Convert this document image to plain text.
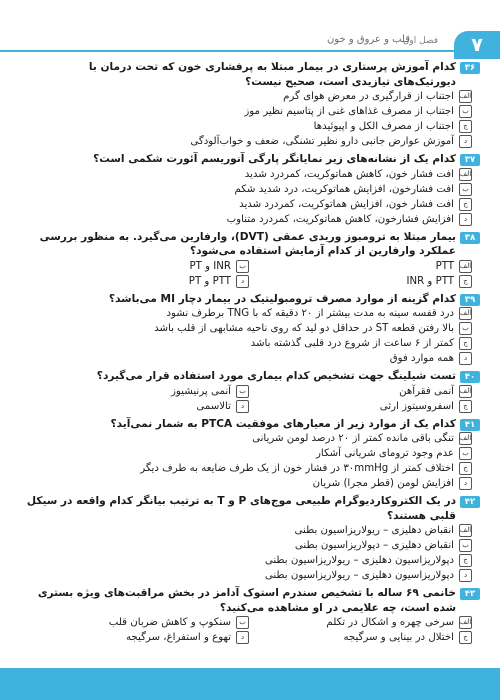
۷
فصل اول
قلب و عروق و خون
۳۶
کدام آموزش پرستاری در بیمار مبتلا به پرفشاری خون که تحت درمان با دیورتیک‌های تیازیدی است، صحیح نیست؟
الف
اجتناب از قرارگیری در معرض هوای گرم
ب
اجتناب از مصرف غذاهای غنی از پتاسیم نظیر موز
ج
اجتناب از مصرف الکل و اپیوئیدها
د
آموزش عوارض جانبی دارو نظیر تشنگی، ضعف و خواب‌آلودگی
۳۷
کدام یک از نشانه‌های زیر نمایانگر پارگی آنوریسم آئورت شکمی است؟
الف
افت فشار خون، کاهش هماتوکریت، کمردرد شدید
ب
افت فشارخون، افزایش هماتوکریت، درد شدید شکم
ج
افت فشار خون، افزایش هماتوکریت، کمردرد شدید
د
افزایش فشارخون، کاهش هماتوکریت، کمردرد متناوب
۳۸
بیمار مبتلا به ترومبوز وریدی عمقی (DVT)، وارفارین می‌گیرد. به منظور بررسی عملکرد وارفارین از کدام آزمایش استفاده می‌شود؟
الف
PTT
ب
INR و PT
ج
PTT و INR
د
PTT و PT
۳۹
کدام گزینه از موارد مصرف ترومبولیتیک در بیمار دچار MI می‌باشد؟
الف
درد قفسه سینه به مدت بیشتر از ۲۰ دقیقه که با TNG برطرف نشود
ب
بالا رفتن قطعه ST در حداقل دو لید که روی ناحیه مشابهی از قلب باشد
ج
کمتر از ۶ ساعت از شروع درد قلبی گذشته باشد
د
همه موارد فوق
۴۰
تست شیلینگ جهت تشخیص کدام بیماری مورد استفاده قرار می‌گیرد؟
الف
آنمی فقرآهن
ب
آنمی پرنیشیوز
ج
اسفروسیتوز ارثی
د
تالاسمی
۴۱
کدام یک از موارد زیر از معیارهای موفقیت PTCA به شمار نمی‌آید؟
الف
تنگی باقی مانده کمتر از ۲۰ درصد لومن شریانی
ب
عدم وجود تروما‌ی شریانی آشکار
ج
اختلاف کمتر از ۳۰mmHg در فشار خون از یک طرف ضایعه به طرف دیگر
د
افزایش لومن (قطر مجرا) شریان
۴۲
در یک الکتروکاردیوگرام طبیعی موج‌های P و T به ترتیب بیانگر کدام واقعه در سیکل قلبی هستند؟
الف
انقباض دهلیزی – ریولاریزاسیون بطنی
ب
انقباض دهلیزی – دپولاریزاسیون بطنی
ج
دپولاریزاسیون دهلیزی – ریولاریزاسیون بطنی
د
دپولاریزاسیون دهلیزی – ریولاریزاسیون بطنی
۴۳
خانمی ۶۹ ساله با تشخیص سندرم استوک آدامز در بخش مراقبت‌های ویژه بستری شده است، چه علایمی در او مشاهده می‌کنید؟
الف
سرخی چهره و اشکال در تکلم
ب
سنکوپ و کاهش ضربان قلب
ج
اختلال در بینایی و سرگیجه
د
تهوع و استفراغ، سرگیجه
